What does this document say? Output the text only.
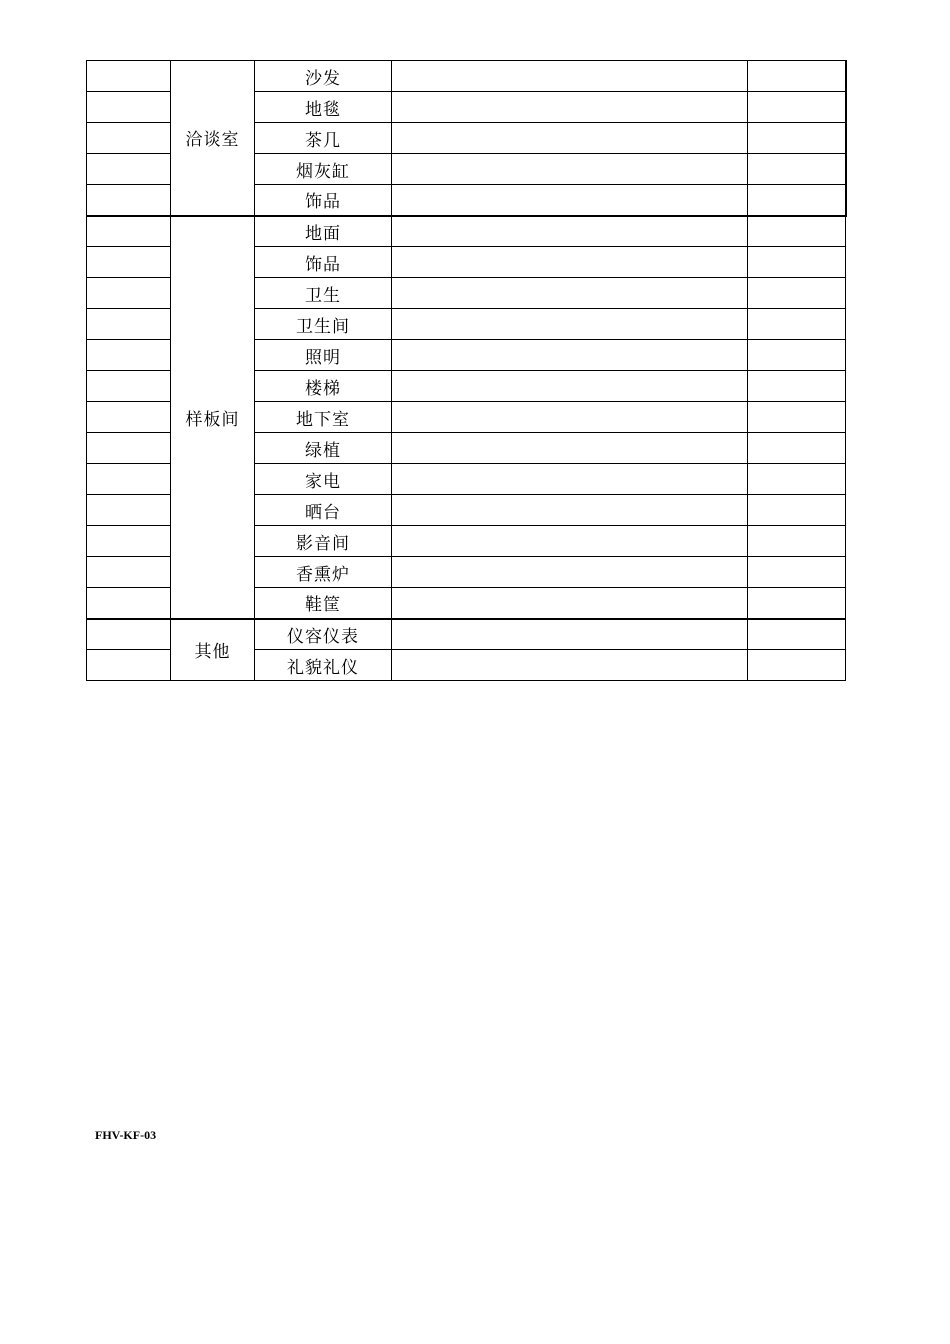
	洽谈室	沙发		
		地毯		
		茶几		
		烟灰缸		
		饰品		
	样板间	地面		
		饰品		
		卫生		
		卫生间		
		照明		
		楼梯		
		地下室		
		绿植		
		家电		
		晒台		
		影音间		
		香熏炉		
		鞋筐		
	其他	仪容仪表		
		礼貌礼仪		
FHV-KF-03
